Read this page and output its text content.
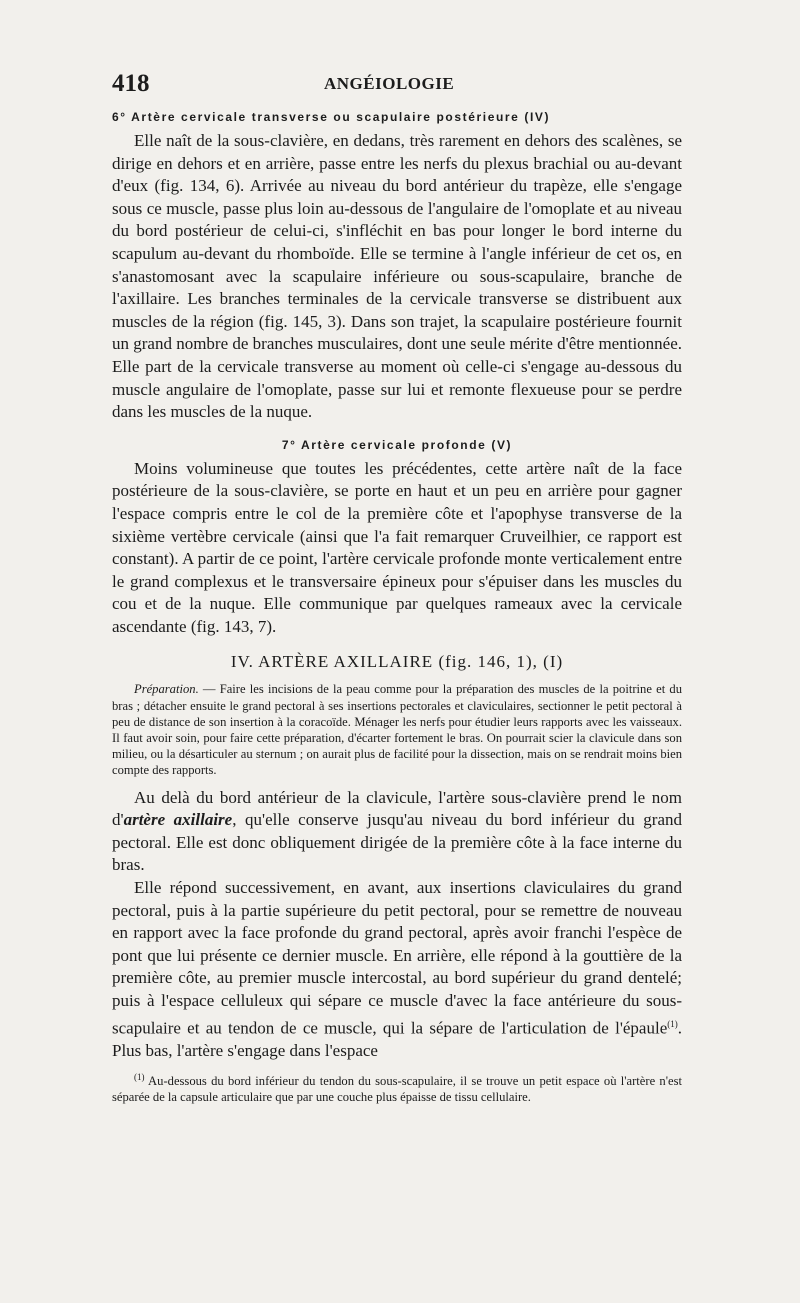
418	ANGÉIOLOGIE
6° Artère cervicale transverse ou scapulaire postérieure (IV)

Elle naît de la sous-clavière, en dedans, très rarement en dehors des scalènes, se dirige en dehors et en arrière, passe entre les nerfs du plexus brachial ou au-devant d'eux (fig. 134, 6). Arrivée au niveau du bord antérieur du trapèze, elle s'engage sous ce muscle, passe plus loin au-dessous de l'angulaire de l'omoplate et au niveau du bord postérieur de celui-ci, s'infléchit en bas pour longer le bord interne du scapulum au-devant du rhomboïde. Elle se termine à l'angle inférieur de cet os, en s'anastomosant avec la scapulaire inférieure ou sous-scapulaire, branche de l'axillaire. Les branches terminales de la cervicale transverse se distribuent aux muscles de la région (fig. 145, 3). Dans son trajet, la scapulaire postérieure fournit un grand nombre de branches musculaires, dont une seule mérite d'être mentionnée. Elle part de la cervicale transverse au moment où celle-ci s'engage au-dessous du muscle angulaire de l'omoplate, passe sur lui et remonte flexueuse pour se perdre dans les muscles de la nuque.

7° Artère cervicale profonde (V)

Moins volumineuse que toutes les précédentes, cette artère naît de la face postérieure de la sous-clavière, se porte en haut et un peu en arrière pour gagner l'espace compris entre le col de la première côte et l'apophyse transverse de la sixième vertèbre cervicale (ainsi que l'a fait remarquer Cruveilhier, ce rapport est constant). A partir de ce point, l'artère cervicale profonde monte verticalement entre le grand complexus et le transversaire épineux pour s'épuiser dans les muscles du cou et de la nuque. Elle communique par quelques rameaux avec la cervicale ascendante (fig. 143, 7).

IV. ARTÈRE AXILLAIRE (fig. 146, 1), (I)

Préparation. — Faire les incisions de la peau comme pour la préparation des muscles de la poitrine et du bras ; détacher ensuite le grand pectoral à ses insertions pectorales et claviculaires, sectionner le petit pectoral à peu de distance de son insertion à la coracoïde. Ménager les nerfs pour étudier leurs rapports avec les vaisseaux. Il faut avoir soin, pour faire cette préparation, d'écarter fortement le bras. On pourrait scier la clavicule dans son milieu, ou la désarticuler au sternum ; on aurait plus de facilité pour la dissection, mais on se rendrait moins bien compte des rapports.

Au delà du bord antérieur de la clavicule, l'artère sous-clavière prend le nom d'artère axillaire, qu'elle conserve jusqu'au niveau du bord inférieur du grand pectoral. Elle est donc obliquement dirigée de la première côte à la face interne du bras.

Elle répond successivement, en avant, aux insertions claviculaires du grand pectoral, puis à la partie supérieure du petit pectoral, pour se remettre de nouveau en rapport avec la face profonde du grand pectoral, après avoir franchi l'espèce de pont que lui présente ce dernier muscle. En arrière, elle répond à la gouttière de la première côte, au premier muscle intercostal, au bord supérieur du grand dentelé; puis à l'espace celluleux qui sépare ce muscle d'avec la face antérieure du sous-scapulaire et au tendon de ce muscle, qui la sépare de l'articulation de l'épaule$^{(1)}$. Plus bas, l'artère s'engage dans l'espace

$^{(1)}$ Au-dessous du bord inférieur du tendon du sous-scapulaire, il se trouve un petit espace où l'artère n'est séparée de la capsule articulaire que par une couche plus épaisse de tissu cellulaire.
